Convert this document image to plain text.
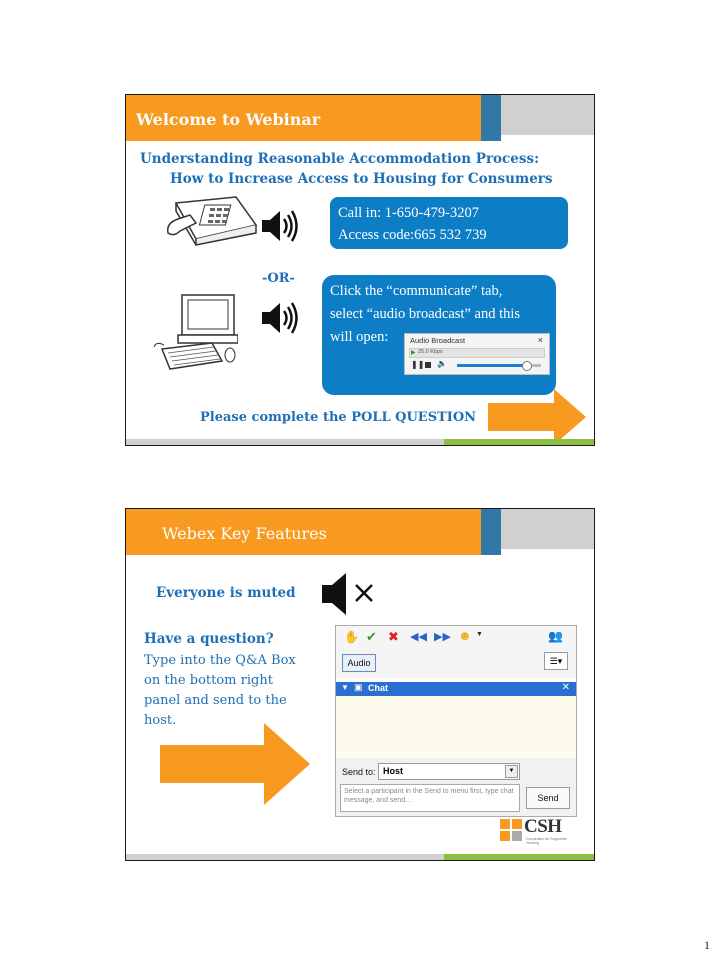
Welcome to Webinar
Understanding Reasonable Accommodation Process:
How to Increase Access to Housing for Consumers
Call in: 1-650-479-3207
Access code:665 532 739
-OR-
Click the “communicate” tab,
select “audio broadcast” and this
will open:	Audio Broadcast	×
▶ 25.0 Kbps
❚❚ 🔈
Please complete the POLL QUESTION
Webex Key Features
Everyone is muted
Have a question?
Type into the Q&A Box
on the bottom right
panel and send to the
host.
✋ ✔ ✖ ◀◀ ▶▶ ☻ ▼	👥
☰▾
Audio
▼ ▣ Chat	✕
Send to: Host	▼
Select a participant in the Send to menu first, type chat message, and send...	Send
CSH
Corporation for Supportive Housing
1
